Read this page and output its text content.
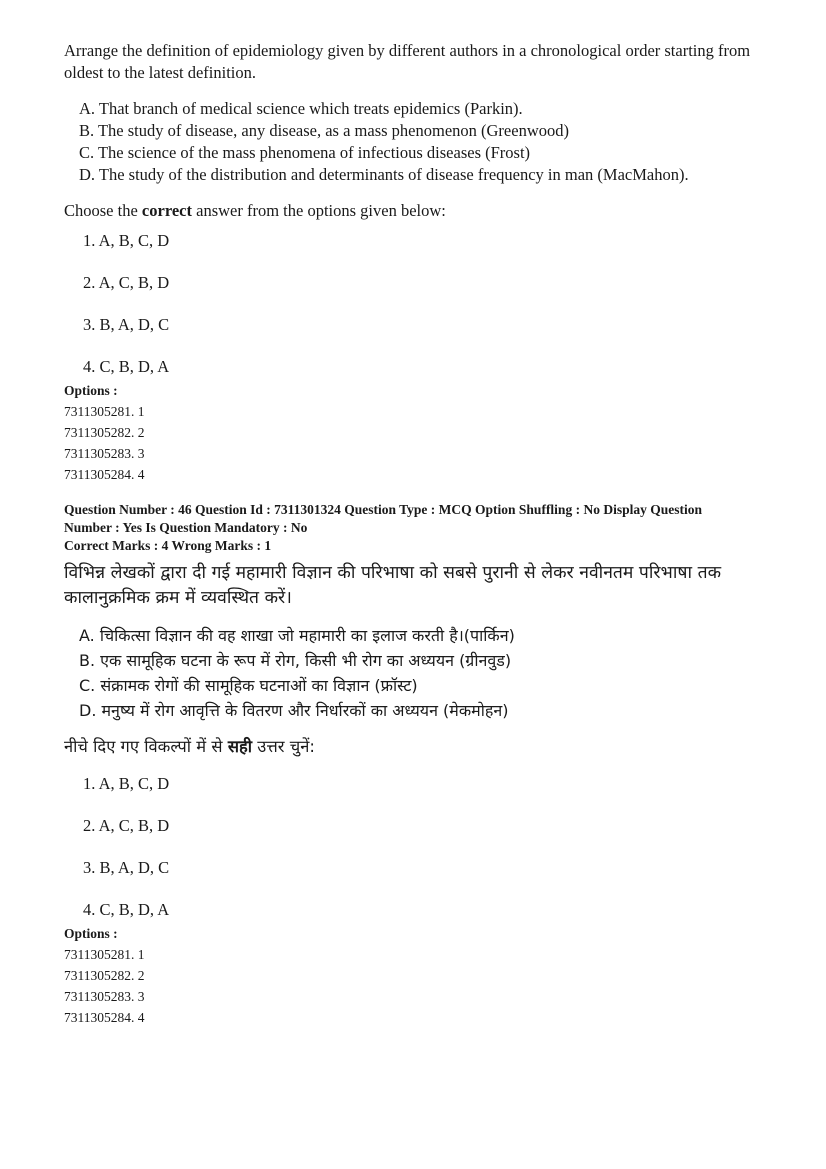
Arrange the definition of epidemiology given by different authors in a chronological order starting from oldest to the latest definition.

A. That branch of medical science which treats epidemics (Parkin).

B. The study of disease, any disease, as a mass phenomenon (Greenwood)

C. The science of the mass phenomena of infectious diseases (Frost)

D. The study of the distribution and determinants of disease frequency in man (MacMahon).

Choose the correct answer from the options given below:

1. A, B, C, D

2. A, C, B, D

3. B, A, D, C

4. C, B, D, A

Options :

7311305281. 1

7311305282. 2

7311305283. 3

7311305284. 4

Question Number : 46 Question Id : 7311301324 Question Type : MCQ Option Shuffling : No Display Question

Number : Yes Is Question Mandatory : No

Correct Marks : 4 Wrong Marks : 1

विभिन्न लेखकों द्वारा दी गई महामारी विज्ञान की परिभाषा को सबसे पुरानी से लेकर नवीनतम परिभाषा तक कालानुक्रमिक क्रम में व्यवस्थित करें।

A. चिकित्सा विज्ञान की वह शाखा जो महामारी का इलाज करती है।(पार्किन)

B. एक सामूहिक घटना के रूप में रोग, किसी भी रोग का अध्ययन (ग्रीनवुड)

C. संक्रामक रोगों की सामूहिक घटनाओं का विज्ञान (फ्रॉस्ट)

D. मनुष्य में रोग आवृत्ति के वितरण और निर्धारकों का अध्ययन (मेकमोहन)

नीचे दिए गए विकल्पों में से सही उत्तर चुनें:

1. A, B, C, D

2. A, C, B, D

3. B, A, D, C

4. C, B, D, A

Options :

7311305281. 1

7311305282. 2

7311305283. 3

7311305284. 4
